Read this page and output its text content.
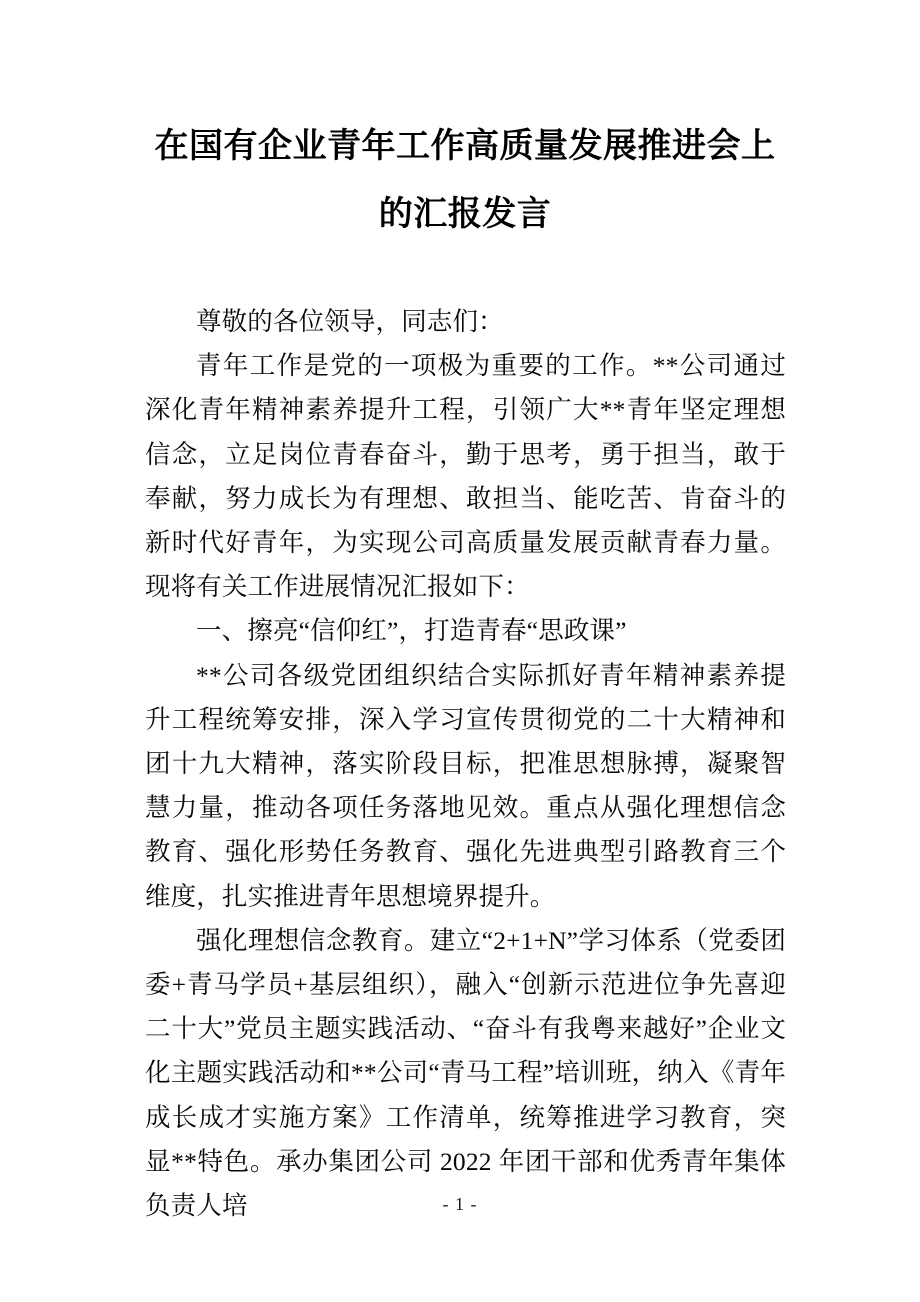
在国有企业青年工作高质量发展推进会上
的汇报发言

尊敬的各位领导，同志们：

青年工作是党的一项极为重要的工作。**公司通过深化青年精神素养提升工程，引领广大**青年坚定理想信念，立足岗位青春奋斗，勤于思考，勇于担当，敢于奉献，努力成长为有理想、敢担当、能吃苦、肯奋斗的新时代好青年，为实现公司高质量发展贡献青春力量。现将有关工作进展情况汇报如下：

一、擦亮“信仰红”，打造青春“思政课”

**公司各级党团组织结合实际抓好青年精神素养提升工程统筹安排，深入学习宣传贯彻党的二十大精神和团十九大精神，落实阶段目标，把准思想脉搏，凝聚智慧力量，推动各项任务落地见效。重点从强化理想信念教育、强化形势任务教育、强化先进典型引路教育三个维度，扎实推进青年思想境界提升。

强化理想信念教育。建立“2+1+N”学习体系（党委团委+青马学员+基层组织），融入“创新示范进位争先喜迎二十大”党员主题实践活动、“奋斗有我粤来越好”企业文化主题实践活动和**公司“青马工程”培训班，纳入《青年成长成才实施方案》工作清单，统筹推进学习教育，突显**特色。承办集团公司 2022 年团干部和优秀青年集体负责人培	- 1 -
